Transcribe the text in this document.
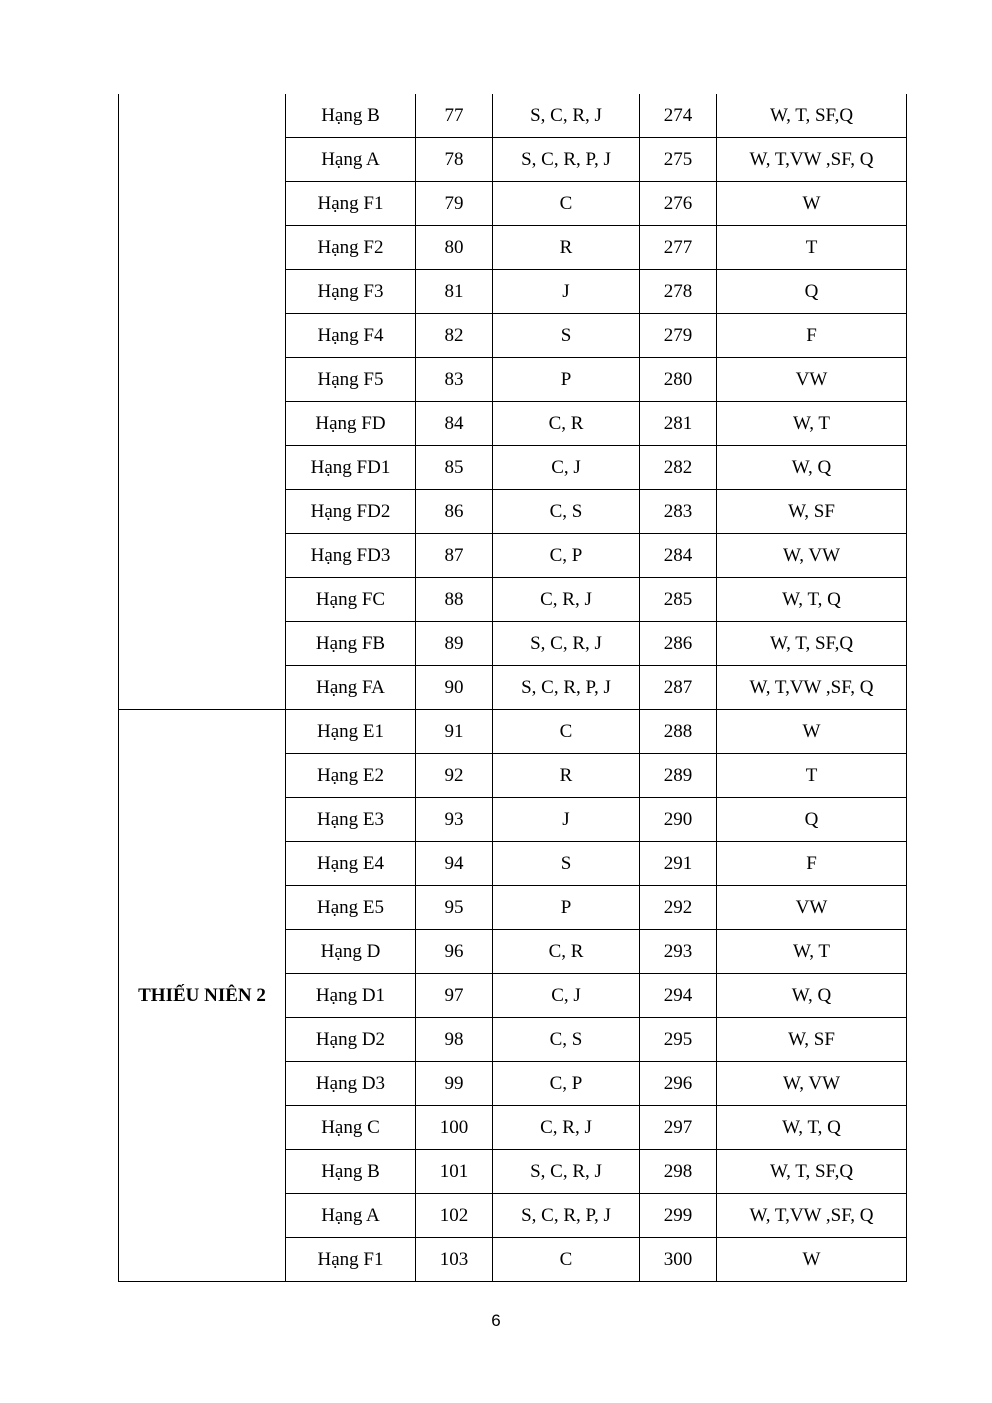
	Hạng B	77	S, C, R, J	274	W, T, SF,Q
	Hạng A	78	S, C, R, P, J	275	W, T,VW ,SF, Q
	Hạng F1	79	C	276	W
	Hạng F2	80	R	277	T
	Hạng F3	81	J	278	Q
	Hạng F4	82	S	279	F
	Hạng F5	83	P	280	VW
	Hạng FD	84	C, R	281	W, T
	Hạng FD1	85	C, J	282	W, Q
	Hạng FD2	86	C, S	283	W, SF
	Hạng FD3	87	C, P	284	W, VW
	Hạng FC	88	C, R, J	285	W, T, Q
	Hạng FB	89	S, C, R, J	286	W, T, SF,Q
	Hạng FA	90	S, C, R, P, J	287	W, T,VW ,SF, Q
THIẾU NIÊN 2	Hạng E1	91	C	288	W
	Hạng E2	92	R	289	T
	Hạng E3	93	J	290	Q
	Hạng E4	94	S	291	F
	Hạng E5	95	P	292	VW
	Hạng D	96	C, R	293	W, T
	Hạng D1	97	C, J	294	W, Q
	Hạng D2	98	C, S	295	W, SF
	Hạng D3	99	C, P	296	W, VW
	Hạng C	100	C, R, J	297	W, T, Q
	Hạng B	101	S, C, R, J	298	W, T, SF,Q
	Hạng A	102	S, C, R, P, J	299	W, T,VW ,SF, Q
	Hạng F1	103	C	300	W
6
